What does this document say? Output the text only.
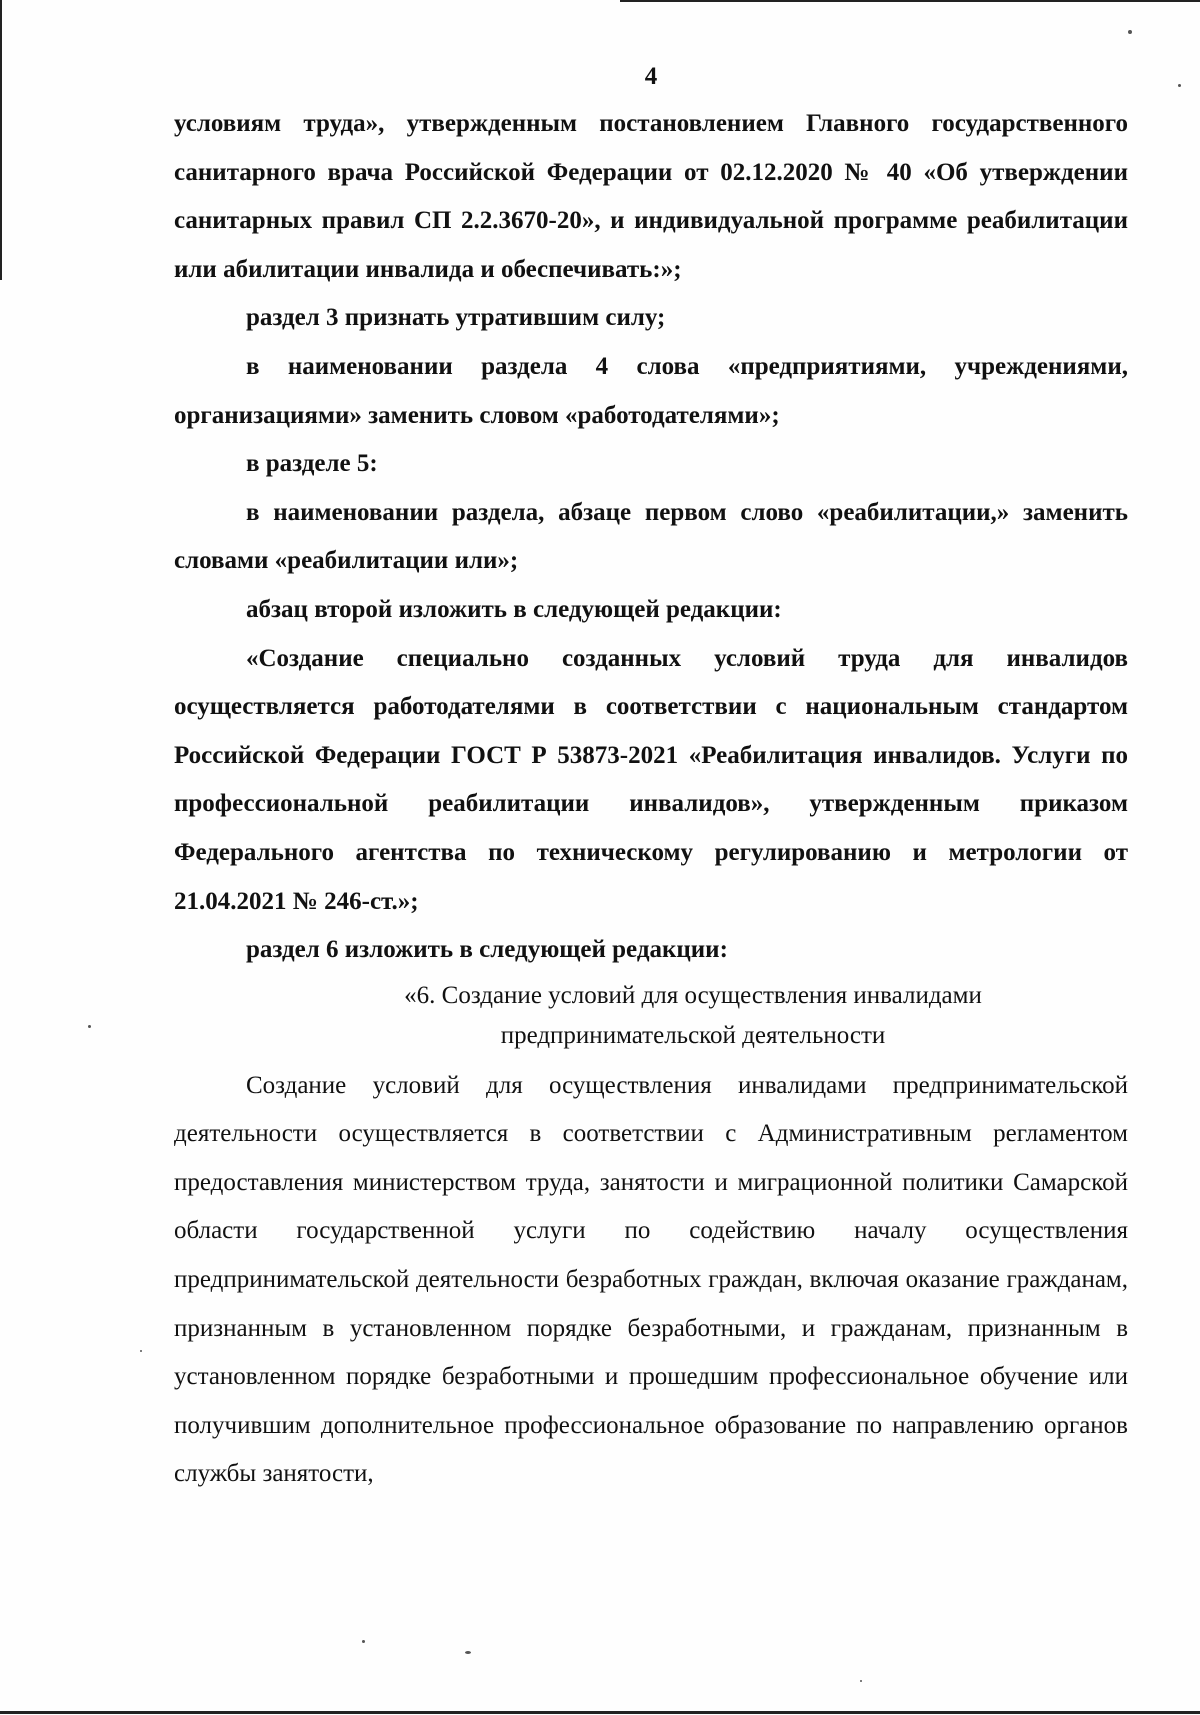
4

условиям труда», утвержденным постановлением Главного государственного санитарного врача Российской Федерации от 02.12.2020 № 40 «Об утверждении санитарных правил СП 2.2.3670-20», и индивидуальной программе реабилитации или абилитации инвалида и обеспечивать:»;

раздел 3 признать утратившим силу;

в наименовании раздела 4 слова «предприятиями, учреждениями, организациями» заменить словом «работодателями»;

в разделе 5:

в наименовании раздела, абзаце первом слово «реабилитации,» заменить словами «реабилитации или»;

абзац второй изложить в следующей редакции:

«Создание специально созданных условий труда для инвалидов осуществляется работодателями в соответствии с национальным стандартом Российской Федерации ГОСТ Р 53873-2021 «Реабилитация инвалидов. Услуги по профессиональной реабилитации инвалидов», утвержденным приказом Федерального агентства по техническому регулированию и метрологии от 21.04.2021 № 246-ст.»;

раздел 6 изложить в следующей редакции:

«6. Создание условий для осуществления инвалидами
предпринимательской деятельности

Создание условий для осуществления инвалидами предпринимательской деятельности осуществляется в соответствии с Административным регламентом предоставления министерством труда, занятости и миграционной политики Самарской области государственной услуги по содействию началу осуществления предпринимательской деятельности безработных граждан, включая оказание гражданам, признанным в установленном порядке безработными, и гражданам, признанным в установленном порядке безработными и прошедшим профессиональное обучение или получившим дополнительное профессиональное образование по направлению органов службы занятости,
